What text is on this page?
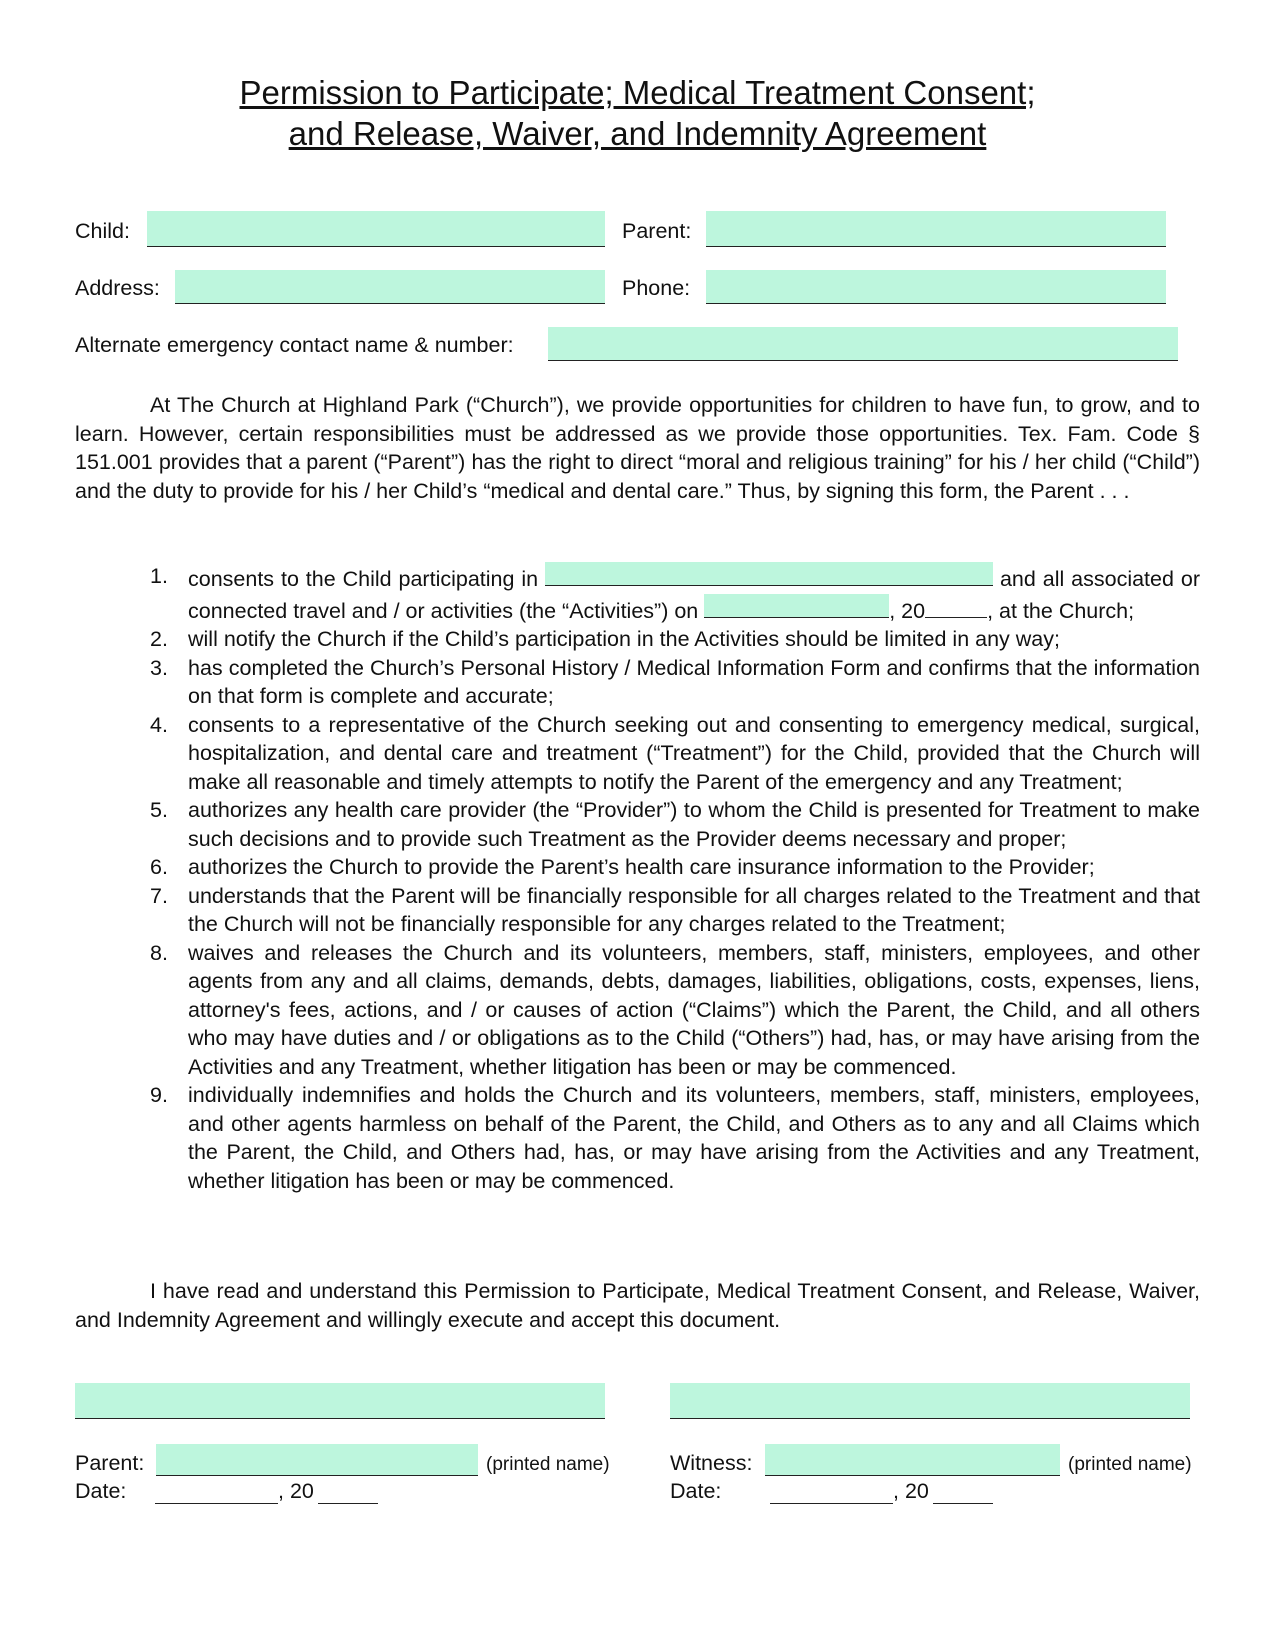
Permission to Participate; Medical Treatment Consent;
and Release, Waiver, and Indemnity Agreement
Child:	Parent:
Address:	Phone:
Alternate emergency contact name & number:
At The Church at Highland Park (“Church”), we provide opportunities for children to have fun, to grow, and to learn. However, certain responsibilities must be addressed as we provide those opportunities. Tex. Fam. Code § 151.001 provides that a parent (“Parent”) has the right to direct “moral and religious training” for his / her child (“Child”) and the duty to provide for his / her Child’s “medical and dental care.” Thus, by signing this form, the Parent . . .
1. consents to the Child participating in	and all associated or connected travel and / or activities (the “Activities”) on	, 20	, at the Church;
2. will notify the Church if the Child’s participation in the Activities should be limited in any way;
3. has completed the Church’s Personal History / Medical Information Form and confirms that the information on that form is complete and accurate;
4. consents to a representative of the Church seeking out and consenting to emergency medical, surgical, hospitalization, and dental care and treatment (“Treatment”) for the Child, provided that the Church will make all reasonable and timely attempts to notify the Parent of the emergency and any Treatment;
5. authorizes any health care provider (the “Provider”) to whom the Child is presented for Treatment to make such decisions and to provide such Treatment as the Provider deems necessary and proper;
6. authorizes the Church to provide the Parent’s health care insurance information to the Provider;
7. understands that the Parent will be financially responsible for all charges related to the Treatment and that the Church will not be financially responsible for any charges related to the Treatment;
8. waives and releases the Church and its volunteers, members, staff, ministers, employees, and other agents from any and all claims, demands, debts, damages, liabilities, obligations, costs, expenses, liens, attorney's fees, actions, and / or causes of action (“Claims”) which the Parent, the Child, and all others who may have duties and / or obligations as to the Child (“Others”) had, has, or may have arising from the Activities and any Treatment, whether litigation has been or may be commenced.
9. individually indemnifies and holds the Church and its volunteers, members, staff, ministers, employees, and other agents harmless on behalf of the Parent, the Child, and Others as to any and all Claims which the Parent, the Child, and Others had, has, or may have arising from the Activities and any Treatment, whether litigation has been or may be commenced.
I have read and understand this Permission to Participate, Medical Treatment Consent, and Release, Waiver, and Indemnity Agreement and willingly execute and accept this document.
Parent:	(printed name)
Date:	, 20
Witness:	(printed name)
Date:	, 20
